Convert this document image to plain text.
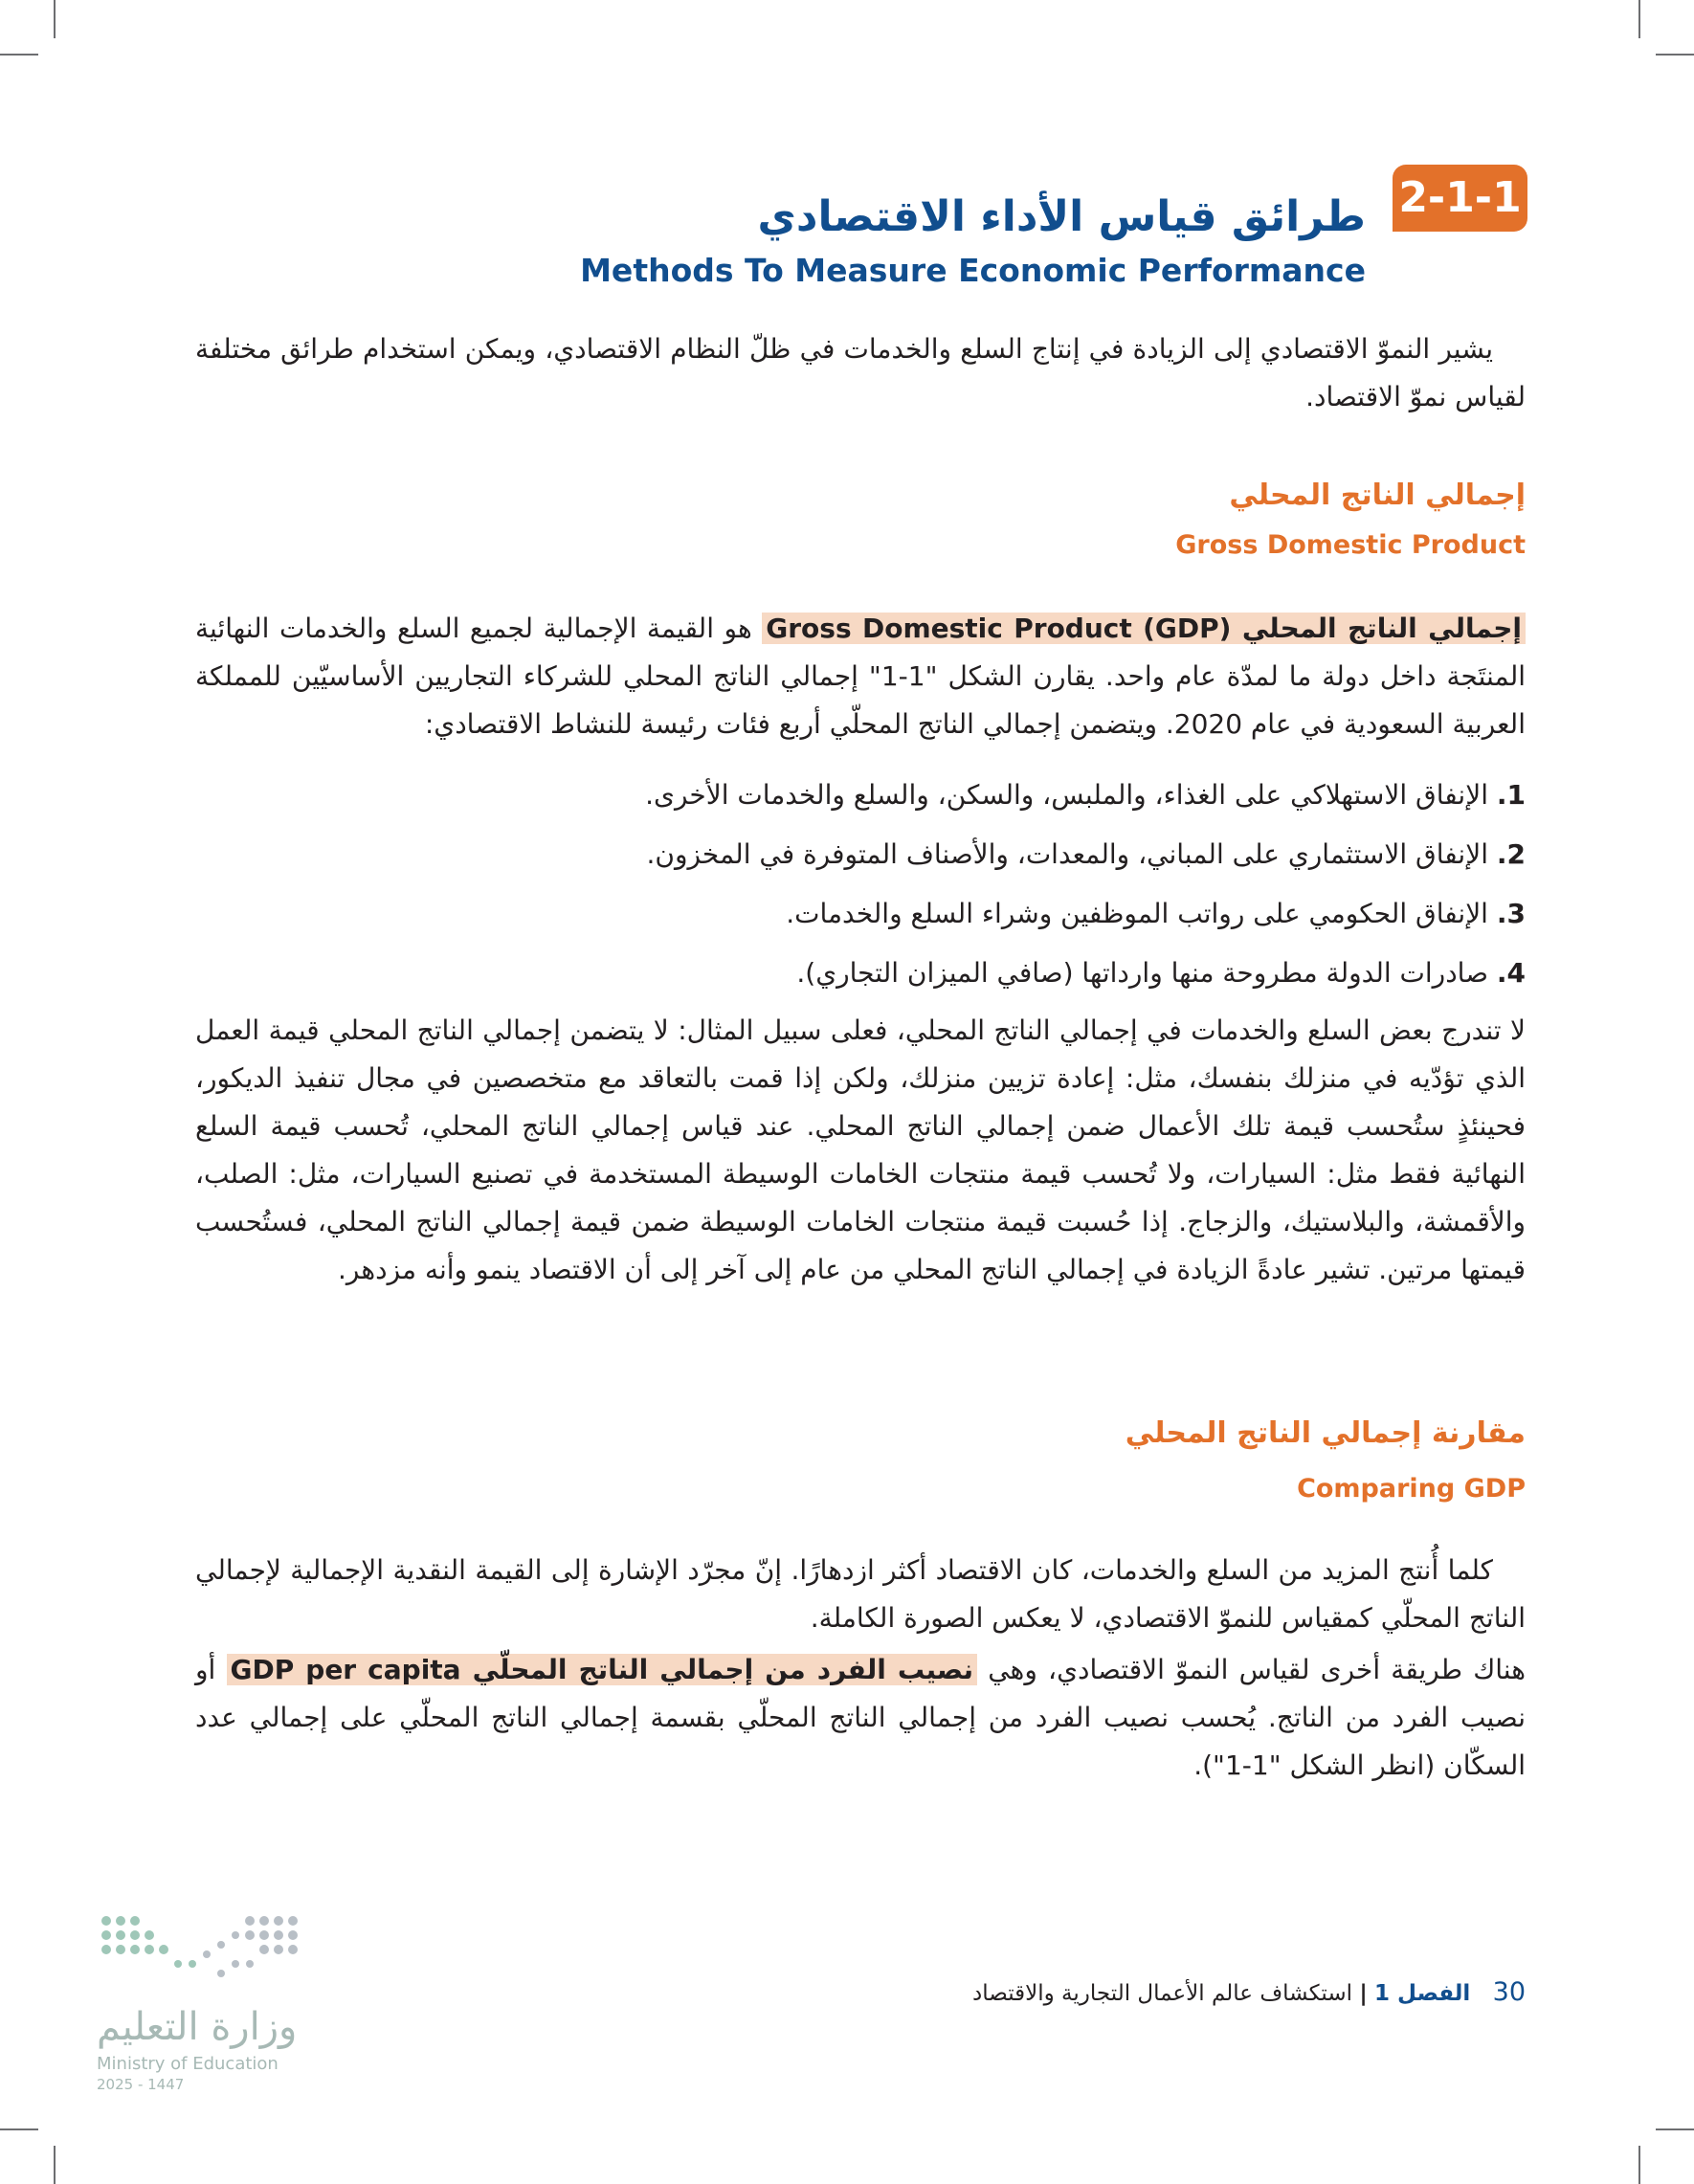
2-1-1
طرائق قياس الأداء الاقتصادي
Methods To Measure Economic Performance

يشير النموّ الاقتصادي إلى الزيادة في إنتاج السلع والخدمات في ظلّ النظام الاقتصادي، ويمكن استخدام طرائق مختلفة لقياس نموّ الاقتصاد.

إجمالي الناتج المحلي
Gross Domestic Product

إجمالي الناتج المحلي Gross Domestic Product (GDP) هو القيمة الإجمالية لجميع السلع والخدمات النهائية المنتَجة داخل دولة ما لمدّة عام واحد. يقارن الشكل "1-1" إجمالي الناتج المحلي للشركاء التجاريين الأساسيّين للمملكة العربية السعودية في عام 2020. ويتضمن إجمالي الناتج المحلّي أربع فئات رئيسة للنشاط الاقتصادي:

1. الإنفاق الاستهلاكي على الغذاء، والملبس، والسكن، والسلع والخدمات الأخرى.
2. الإنفاق الاستثماري على المباني، والمعدات، والأصناف المتوفرة في المخزون.
3. الإنفاق الحكومي على رواتب الموظفين وشراء السلع والخدمات.
4. صادرات الدولة مطروحة منها وارداتها (صافي الميزان التجاري).

لا تندرج بعض السلع والخدمات في إجمالي الناتج المحلي، فعلى سبيل المثال: لا يتضمن إجمالي الناتج المحلي قيمة العمل الذي تؤدّيه في منزلك بنفسك، مثل: إعادة تزيين منزلك، ولكن إذا قمت بالتعاقد مع متخصصين في مجال تنفيذ الديكور، فحينئذٍ ستُحسب قيمة تلك الأعمال ضمن إجمالي الناتج المحلي. عند قياس إجمالي الناتج المحلي، تُحسب قيمة السلع النهائية فقط مثل: السيارات، ولا تُحسب قيمة منتجات الخامات الوسيطة المستخدمة في تصنيع السيارات، مثل: الصلب، والأقمشة، والبلاستيك، والزجاج. إذا حُسبت قيمة منتجات الخامات الوسيطة ضمن قيمة إجمالي الناتج المحلي، فستُحسب قيمتها مرتين. تشير عادةً الزيادة في إجمالي الناتج المحلي من عام إلى آخر إلى أن الاقتصاد ينمو وأنه مزدهر.

مقارنة إجمالي الناتج المحلي
Comparing GDP

كلما أُنتج المزيد من السلع والخدمات، كان الاقتصاد أكثر ازدهارًا. إنّ مجرّد الإشارة إلى القيمة النقدية الإجمالية لإجمالي الناتج المحلّي كمقياس للنموّ الاقتصادي، لا يعكس الصورة الكاملة.

هناك طريقة أخرى لقياس النموّ الاقتصادي، وهي نصيب الفرد من إجمالي الناتج المحلّي GDP per capita أو نصيب الفرد من الناتج. يُحسب نصيب الفرد من إجمالي الناتج المحلّي بقسمة إجمالي الناتج المحلّي على إجمالي عدد السكّان (انظر الشكل "1-1").

30 الفصل 1 | استكشاف عالم الأعمال التجارية والاقتصاد
وزارة التعليم
Ministry of Education
2025 - 1447
